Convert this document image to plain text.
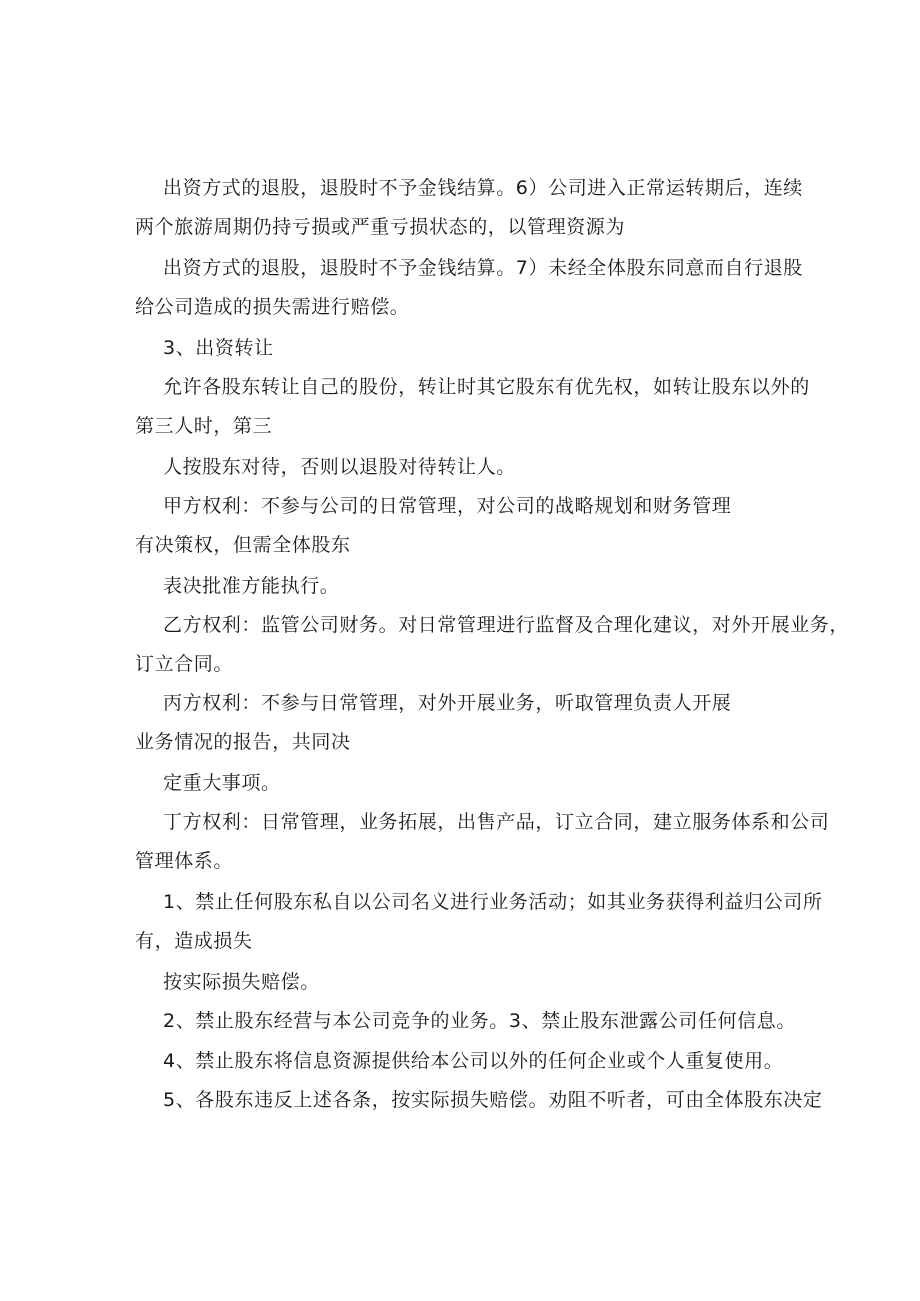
出资方式的退股，退股时不予金钱结算。6）公司进入正常运转期后，连续
两个旅游周期仍持亏损或严重亏损状态的，以管理资源为
出资方式的退股，退股时不予金钱结算。7）未经全体股东同意而自行退股
给公司造成的损失需进行赔偿。
3、出资转让
允许各股东转让自己的股份，转让时其它股东有优先权，如转让股东以外的
第三人时，第三
人按股东对待，否则以退股对待转让人。
甲方权利：不参与公司的日常管理，对公司的战略规划和财务管理
有决策权，但需全体股东
表决批准方能执行。
乙方权利：监管公司财务。对日常管理进行监督及合理化建议，对外开展业务，
订立合同。
丙方权利：不参与日常管理，对外开展业务，听取管理负责人开展
业务情况的报告，共同决
定重大事项。
丁方权利：日常管理，业务拓展，出售产品，订立合同，建立服务体系和公司
管理体系。
1、禁止任何股东私自以公司名义进行业务活动；如其业务获得利益归公司所
有，造成损失
按实际损失赔偿。
2、禁止股东经营与本公司竞争的业务。3、禁止股东泄露公司任何信息。
4、禁止股东将信息资源提供给本公司以外的任何企业或个人重复使用。
5、各股东违反上述各条，按实际损失赔偿。劝阻不听者，可由全体股东决定
